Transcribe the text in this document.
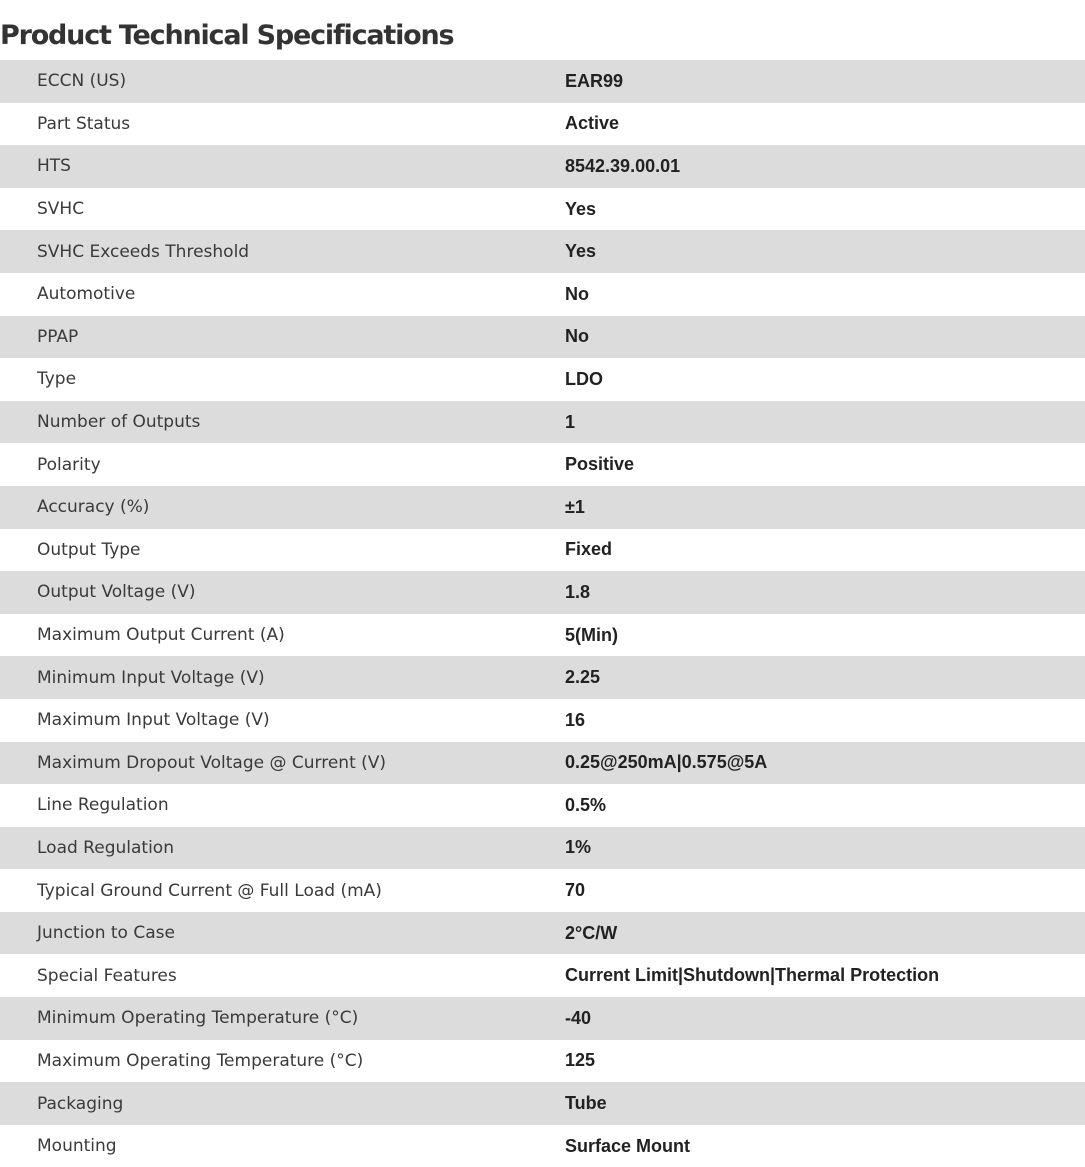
Product Technical Specifications
ECCN (US)	EAR99
Part Status	Active
HTS	8542.39.00.01
SVHC	Yes
SVHC Exceeds Threshold	Yes
Automotive	No
PPAP	No
Type	LDO
Number of Outputs	1
Polarity	Positive
Accuracy (%)	±1
Output Type	Fixed
Output Voltage (V)	1.8
Maximum Output Current (A)	5(Min)
Minimum Input Voltage (V)	2.25
Maximum Input Voltage (V)	16
Maximum Dropout Voltage @ Current (V)	0.25@250mA|0.575@5A
Line Regulation	0.5%
Load Regulation	1%
Typical Ground Current @ Full Load (mA)	70
Junction to Case	2°C/W
Special Features	Current Limit|Shutdown|Thermal Protection
Minimum Operating Temperature (°C)	-40
Maximum Operating Temperature (°C)	125
Packaging	Tube
Mounting	Surface Mount
